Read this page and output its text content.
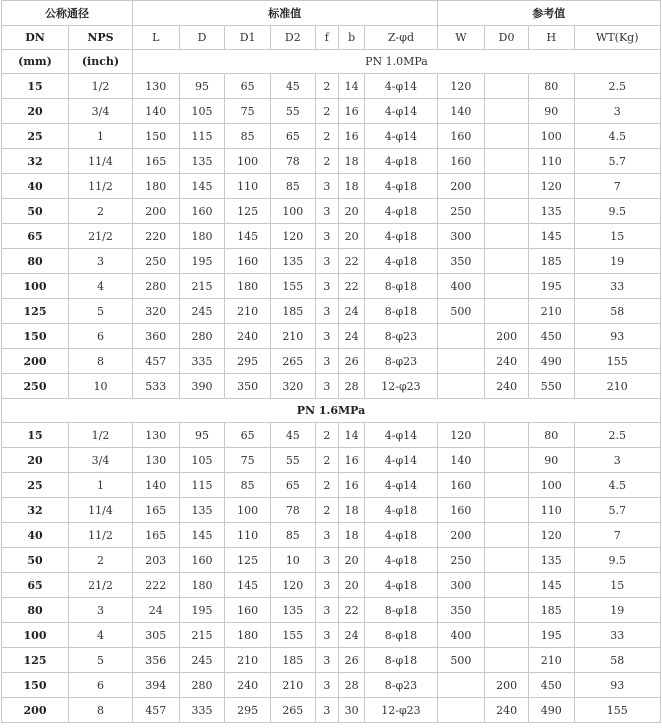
公称通径		标准值							参考值			
DN	NPS	L	D	D1	D2	f	b	Z-φd	W	D0	H	WT(Kg)
(mm)	(inch)	PN 1.0MPa										
15	1/2	130	95	65	45	2	14	4-φ14	120		80	2.5
20	3/4	140	105	75	55	2	16	4-φ14	140		90	3
25	1	150	115	85	65	2	16	4-φ14	160		100	4.5
32	11/4	165	135	100	78	2	18	4-φ18	160		110	5.7
40	11/2	180	145	110	85	3	18	4-φ18	200		120	7
50	2	200	160	125	100	3	20	4-φ18	250		135	9.5
65	21/2	220	180	145	120	3	20	4-φ18	300		145	15
80	3	250	195	160	135	3	22	4-φ18	350		185	19
100	4	280	215	180	155	3	22	8-φ18	400		195	33
125	5	320	245	210	185	3	24	8-φ18	500		210	58
150	6	360	280	240	210	3	24	8-φ23		200	450	93
200	8	457	335	295	265	3	26	8-φ23		240	490	155
250	10	533	390	350	320	3	28	12-φ23		240	550	210
PN 1.6MPa												
15	1/2	130	95	65	45	2	14	4-φ14	120		80	2.5
20	3/4	130	105	75	55	2	16	4-φ14	140		90	3
25	1	140	115	85	65	2	16	4-φ14	160		100	4.5
32	11/4	165	135	100	78	2	18	4-φ18	160		110	5.7
40	11/2	165	145	110	85	3	18	4-φ18	200		120	7
50	2	203	160	125	10	3	20	4-φ18	250		135	9.5
65	21/2	222	180	145	120	3	20	4-φ18	300		145	15
80	3	24	195	160	135	3	22	8-φ18	350		185	19
100	4	305	215	180	155	3	24	8-φ18	400		195	33
125	5	356	245	210	185	3	26	8-φ18	500		210	58
150	6	394	280	240	210	3	28	8-φ23		200	450	93
200	8	457	335	295	265	3	30	12-φ23		240	490	155
